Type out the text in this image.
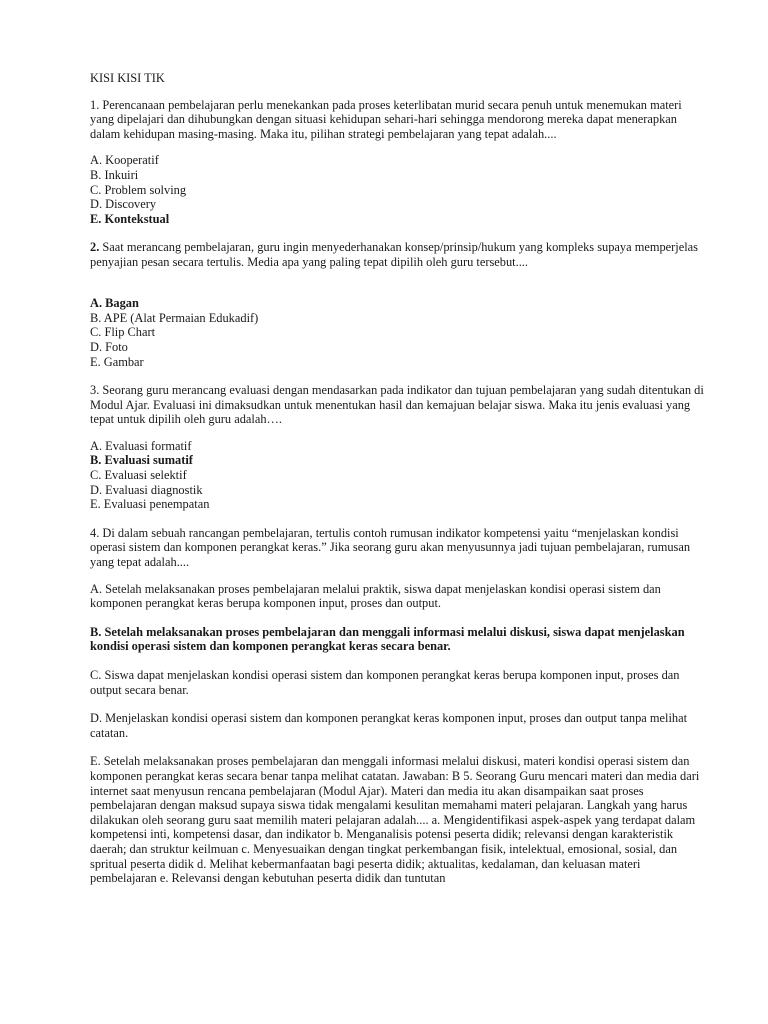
KISI KISI TIK

1. Perencanaan pembelajaran perlu menekankan pada proses keterlibatan murid secara penuh untuk menemukan materi yang dipelajari dan dihubungkan dengan situasi kehidupan sehari-hari sehingga mendorong mereka dapat menerapkan dalam kehidupan masing-masing. Maka itu, pilihan strategi pembelajaran yang tepat adalah....

A. Kooperatif
B. Inkuiri
C. Problem solving
D. Discovery
E. Kontekstual

2. Saat merancang pembelajaran, guru ingin menyederhanakan konsep/prinsip/hukum yang kompleks supaya memperjelas penyajian pesan secara tertulis. Media apa yang paling tepat dipilih oleh guru tersebut....

A. Bagan
B. APE (Alat Permaian Edukadif)
C. Flip Chart
D. Foto
E. Gambar

3. Seorang guru merancang evaluasi dengan mendasarkan pada indikator dan tujuan pembelajaran yang sudah ditentukan di Modul Ajar. Evaluasi ini dimaksudkan untuk menentukan hasil dan kemajuan belajar siswa. Maka itu jenis evaluasi yang tepat untuk dipilih oleh guru adalah….

A. Evaluasi formatif
B. Evaluasi sumatif
C. Evaluasi selektif
D. Evaluasi diagnostik
E. Evaluasi penempatan

4. Di dalam sebuah rancangan pembelajaran, tertulis contoh rumusan indikator kompetensi yaitu “menjelaskan kondisi operasi sistem dan komponen perangkat keras.” Jika seorang guru akan menyusunnya jadi tujuan pembelajaran, rumusan yang tepat adalah....

A. Setelah melaksanakan proses pembelajaran melalui praktik, siswa dapat menjelaskan kondisi operasi sistem dan komponen perangkat keras berupa komponen input, proses dan output.

B. Setelah melaksanakan proses pembelajaran dan menggali informasi melalui diskusi, siswa dapat menjelaskan kondisi operasi sistem dan komponen perangkat keras secara benar.

C. Siswa dapat menjelaskan kondisi operasi sistem dan komponen perangkat keras berupa komponen input, proses dan output secara benar.

D. Menjelaskan kondisi operasi sistem dan komponen perangkat keras komponen input, proses dan output tanpa melihat catatan.

E. Setelah melaksanakan proses pembelajaran dan menggali informasi melalui diskusi, materi kondisi operasi sistem dan komponen perangkat keras secara benar tanpa melihat catatan. Jawaban: B 5. Seorang Guru mencari materi dan media dari internet saat menyusun rencana pembelajaran (Modul Ajar). Materi dan media itu akan disampaikan saat proses pembelajaran dengan maksud supaya siswa tidak mengalami kesulitan memahami materi pelajaran. Langkah yang harus dilakukan oleh seorang guru saat memilih materi pelajaran adalah.... a. Mengidentifikasi aspek-aspek yang terdapat dalam kompetensi inti, kompetensi dasar, dan indikator b. Menganalisis potensi peserta didik; relevansi dengan karakteristik daerah; dan struktur keilmuan c. Menyesuaikan dengan tingkat perkembangan fisik, intelektual, emosional, sosial, dan spritual peserta didik d. Melihat kebermanfaatan bagi peserta didik; aktualitas, kedalaman, dan keluasan materi pembelajaran e. Relevansi dengan kebutuhan peserta didik dan tuntutan
